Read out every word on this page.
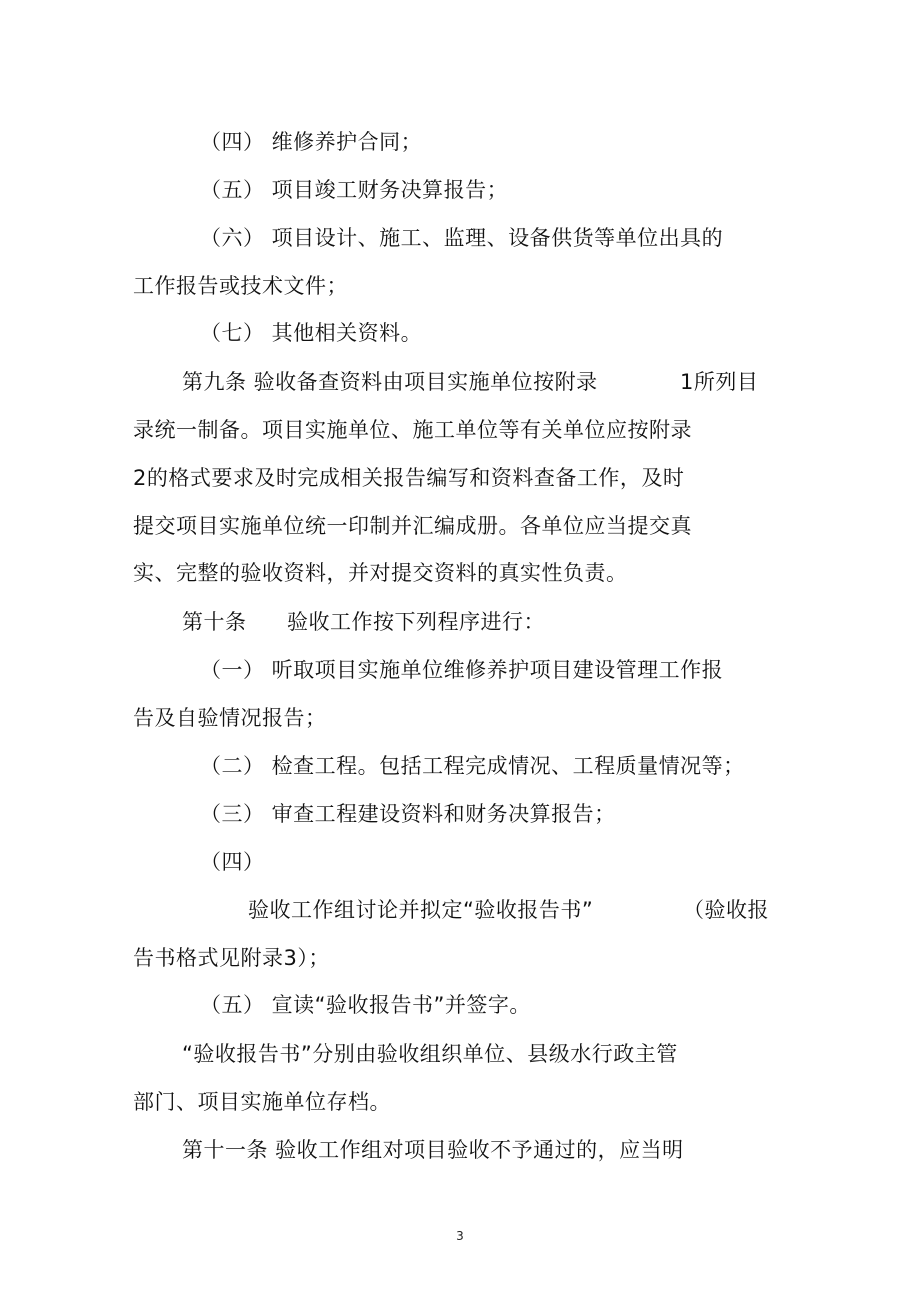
（四） 维修养护合同；
（五） 项目竣工财务决算报告；
（六） 项目设计、施工、监理、设备供货等单位出具的
工作报告或技术文件；
（七） 其他相关资料。
第九条 验收备查资料由项目实施单位按附录	1所列目
录统一制备。项目实施单位、施工单位等有关单位应按附录
2的格式要求及时完成相关报告编写和资料查备工作，及时
提交项目实施单位统一印制并汇编成册。各单位应当提交真
实、完整的验收资料，并对提交资料的真实性负责。
第十条 验收工作按下列程序进行：
（一） 听取项目实施单位维修养护项目建设管理工作报
告及自验情况报告；
（二） 检查工程。包括工程完成情况、工程质量情况等；
（三） 审查工程建设资料和财务决算报告；
（四）
验收工作组讨论并拟定“验收报告书”	（验收报
告书格式见附录3）；
（五） 宣读“验收报告书”并签字。
“验收报告书”分别由验收组织单位、县级水行政主管
部门、项目实施单位存档。
第十一条 验收工作组对项目验收不予通过的，应当明
3
